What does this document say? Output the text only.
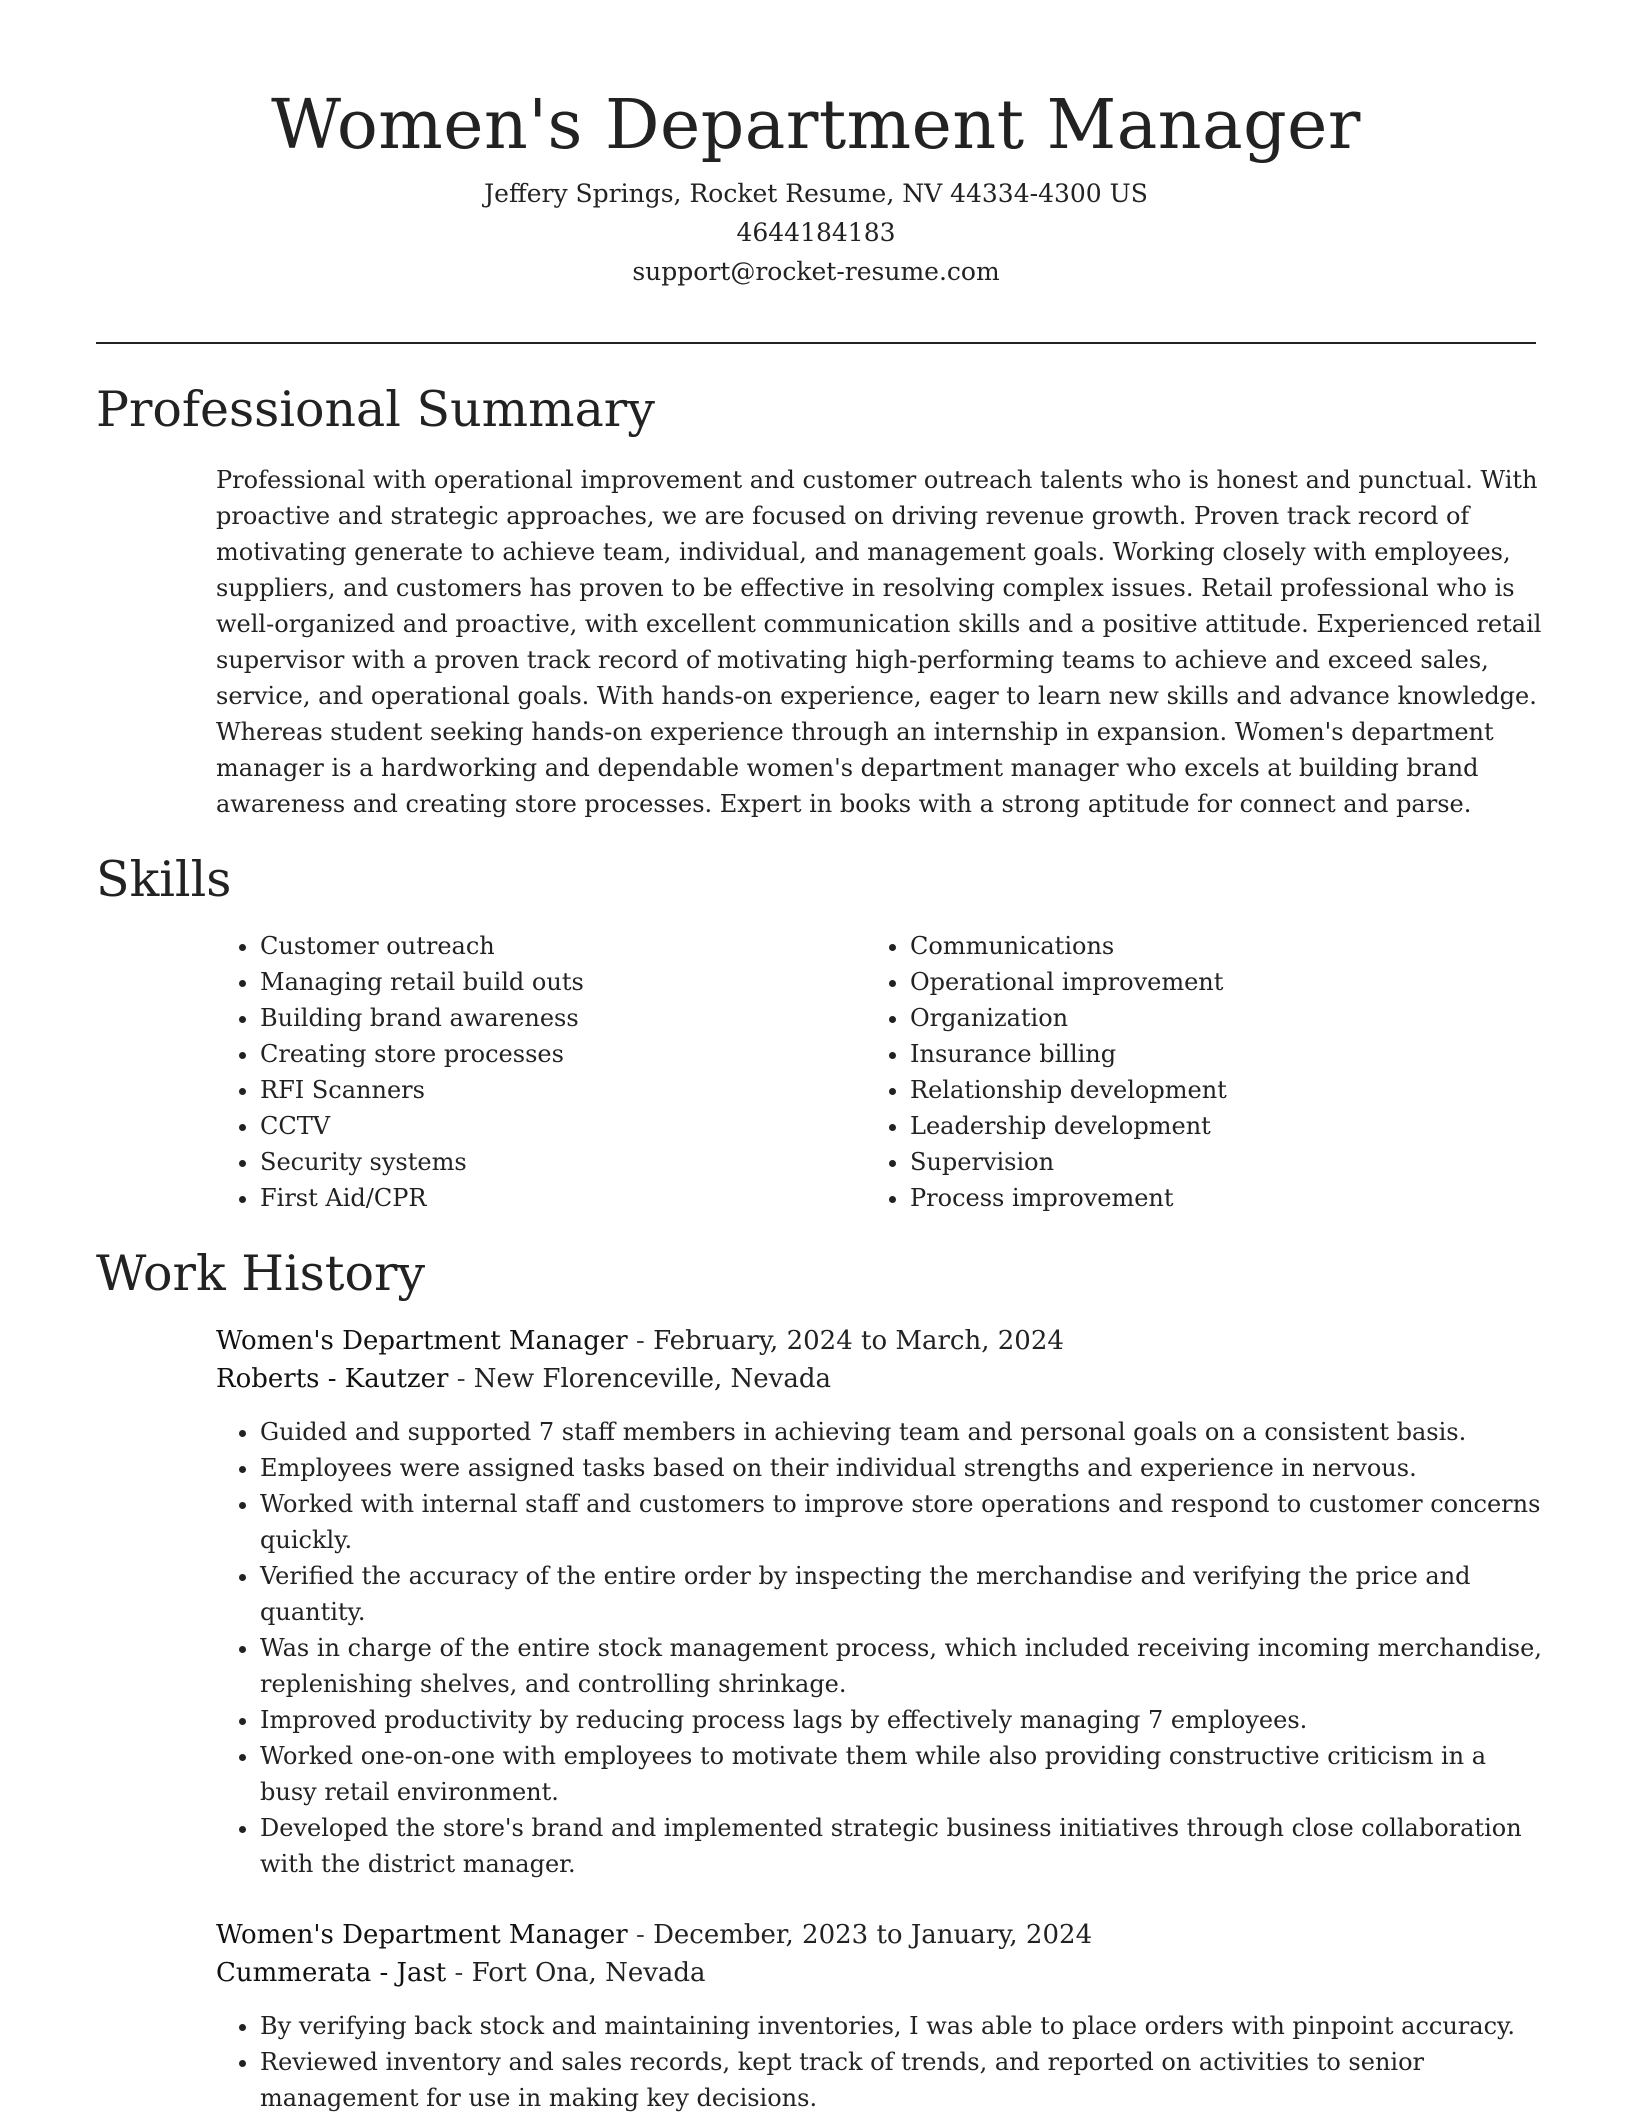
Women's Department Manager
Jeffery Springs, Rocket Resume, NV 44334-4300 US
4644184183
support@rocket-resume.com
Professional Summary

Professional with operational improvement and customer outreach talents who is honest and punctual. With proactive and strategic approaches, we are focused on driving revenue growth. Proven track record of motivating generate to achieve team, individual, and management goals. Working closely with employees, suppliers, and customers has proven to be effective in resolving complex issues. Retail professional who is well-organized and proactive, with excellent communication skills and a positive attitude. Experienced retail supervisor with a proven track record of motivating high-performing teams to achieve and exceed sales, service, and operational goals. With hands-on experience, eager to learn new skills and advance knowledge. Whereas student seeking hands-on experience through an internship in expansion. Women's department manager is a hardworking and dependable women's department manager who excels at building brand awareness and creating store processes. Expert in books with a strong aptitude for connect and parse.

Skills
• Customer outreach
• Managing retail build outs
• Building brand awareness
• Creating store processes
• RFI Scanners
• CCTV
• Security systems
• First Aid/CPR
• Communications
• Operational improvement
• Organization
• Insurance billing
• Relationship development
• Leadership development
• Supervision
• Process improvement
Work History
Women's Department Manager - February, 2024 to March, 2024
Roberts - Kautzer - New Florenceville, Nevada
• Guided and supported 7 staff members in achieving team and personal goals on a consistent basis.
• Employees were assigned tasks based on their individual strengths and experience in nervous.
• Worked with internal staff and customers to improve store operations and respond to customer concerns quickly.
• Verified the accuracy of the entire order by inspecting the merchandise and verifying the price and quantity.
• Was in charge of the entire stock management process, which included receiving incoming merchandise, replenishing shelves, and controlling shrinkage.
• Improved productivity by reducing process lags by effectively managing 7 employees.
• Worked one-on-one with employees to motivate them while also providing constructive criticism in a busy retail environment.
• Developed the store's brand and implemented strategic business initiatives through close collaboration with the district manager.
Women's Department Manager - December, 2023 to January, 2024
Cummerata - Jast - Fort Ona, Nevada
• By verifying back stock and maintaining inventories, I was able to place orders with pinpoint accuracy.
• Reviewed inventory and sales records, kept track of trends, and reported on activities to senior management for use in making key decisions.
